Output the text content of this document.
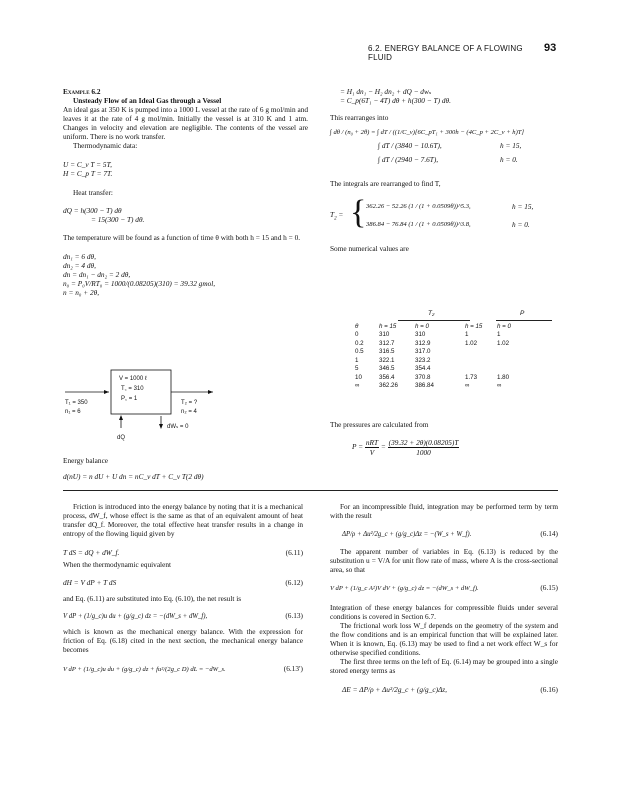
6.2. ENERGY BALANCE OF A FLOWING FLUID
93
Example 6.2
Unsteady Flow of an Ideal Gas through a Vessel
An ideal gas at 350 K is pumped into a 1000 L vessel at the rate of 6 g mol/min and leaves it at the rate of 4 g mol/min. Initially the vessel is at 310 K and 1 atm. Changes in velocity and elevation are negligible. The contents of the vessel are uniform. There is no work transfer.
Thermodynamic data:
U = C_v T = 5T,
H = C_p T = 7T.
Heat transfer:
dQ = h(300 − T) dθ
= 15(300 − T) dθ.
The temperature will be found as a function of time θ with both h = 15 and h = 0.
dn₁ = 6 dθ,
dn₂ = 4 dθ,
dn = dn₁ − dn₂ = 2 dθ,
n₀ = P₀V/RT₀ = 1000/(0.08205)(310) = 39.32 gmol,
n = n₀ + 2θ,
V = 1000 ℓ
T꜀ = 310
P꜀ = 1
T₁ = 350
n₁ = 6
T₂ = ?
n₂ = 4
dQ
dWₛ = 0
Energy balance
d(nU) = n dU + U dn = nC_v dT + C_v T(2 dθ)
= H₁ dn₁ − H₂ dn₂ + dQ − dwₛ
= C_p(6T₁ − 4T) dθ + h(300 − T) dθ.
This rearranges into
∫ dθ / (n₀ + 2θ) = ∫ dT / ((1/C_v)[6C_pT₁ + 300h − (4C_p + 2C_v + h)T]
∫ dT / (3840 − 10.6T),	h = 15,
∫ dT / (2940 − 7.6T),	h = 0.
The integrals are rearranged to find T,
$T_2$ = { 362.26 − 52.26 (1 / (1 + 0.0509θ))^5.3,	h = 15,
386.84 − 76.84 (1 / (1 + 0.0509θ))^3.8,	h = 0.
Some numerical values are
T₂	P
θ	h = 15	h = 0	h = 15	h = 0
0	310	310	1	1
0.2	312.7	312.9	1.02	1.02
0.5	316.5	317.0		
1	322.1	323.2		
5	346.5	354.4		
10	356.4	370.8	1.73	1.80
∞	362.26	386.84	∞	∞
The pressures are calculated from
$P = \frac{\text{nRT}}{V} = \frac{(39.32 + 2\theta)(0.08205)T}{1000}$
Friction is introduced into the energy balance by noting that it is a mechanical process, dW_f, whose effect is the same as that of an equivalent amount of heat transfer dQ_f. Moreover, the total effective heat transfer results in a change in entropy of the flowing liquid given by
T dS = dQ + dW_f.	(6.11)
When the thermodynamic equivalent
dH = V dP + T dS	(6.12)
and Eq. (6.11) are substituted into Eq. (6.10), the net result is
V dP + (1/g_c)u du + (g/g_c) dz = −(dW_s + dW_f),	(6.13)
which is known as the mechanical energy balance. With the expression for friction of Eq. (6.18) cited in the next section, the mechanical energy balance becomes
V dP + (1/g_c)u du + (g/g_c) dz + fu²/(2g_c D) dL = −dW_s.	(6.13′)
For an incompressible fluid, integration may be performed term by term with the result
ΔP/ρ + Δu²/2g_c + (g/g_c)Δz = −(W_s + W_f).	(6.14)
The apparent number of variables in Eq. (6.13) is reduced by the substitution u = V/A for unit flow rate of mass, where A is the cross-sectional area, so that
V dP + (1/g_c A²)V dV + (g/g_c) dz = −(dW_s + dW_f).	(6.15)
Integration of these energy balances for compressible fluids under several conditions is covered in Section 6.7.
The frictional work loss W_f depends on the geometry of the system and the flow conditions and is an empirical function that will be explained later. When it is known, Eq. (6.13) may be used to find a net work effect W_s for otherwise specified conditions.
The first three terms on the left of Eq. (6.14) may be grouped into a single stored energy terms as
ΔE = ΔP/ρ + Δu²/2g_c + (g/g_c)Δz,	(6.16)
